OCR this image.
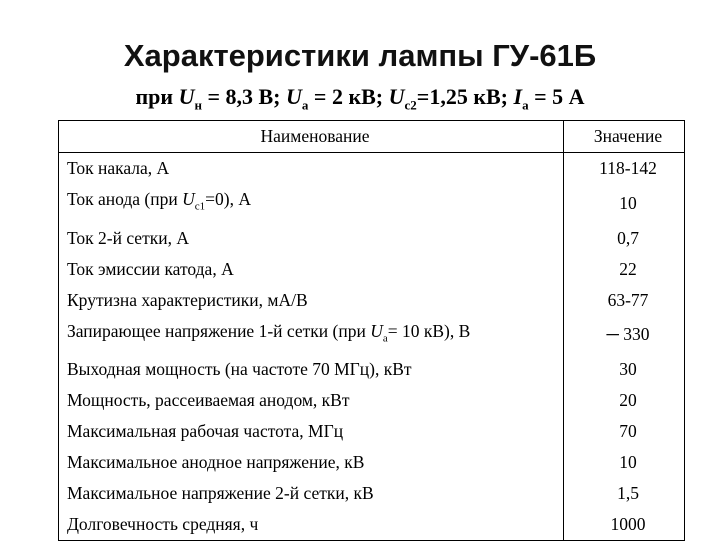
Характеристики лампы ГУ-61Б
при $U_н = 8,3$ В; $U_а = 2$ кВ; $U_{с2}=1,25$ кВ; $I_а = 5$ А
Наименование	Значение
Ток накала, А	118-142
Ток анода (при $U_{с1}=0$), А	10
Ток 2-й сетки, А	0,7
Ток эмиссии катода, А	22
Крутизна характеристики, мА/В	63-77
Запирающее напряжение 1-й сетки (при $U_а= 10$ кВ), В	─ 330
Выходная мощность (на частоте 70 МГц), кВт	30
Мощность, рассеиваемая анодом, кВт	20
Максимальная рабочая частота, МГц	70
Максимальное анодное напряжение, кВ	10
Максимальное напряжение 2-й сетки, кВ	1,5
Долговечность средняя, ч	1000
